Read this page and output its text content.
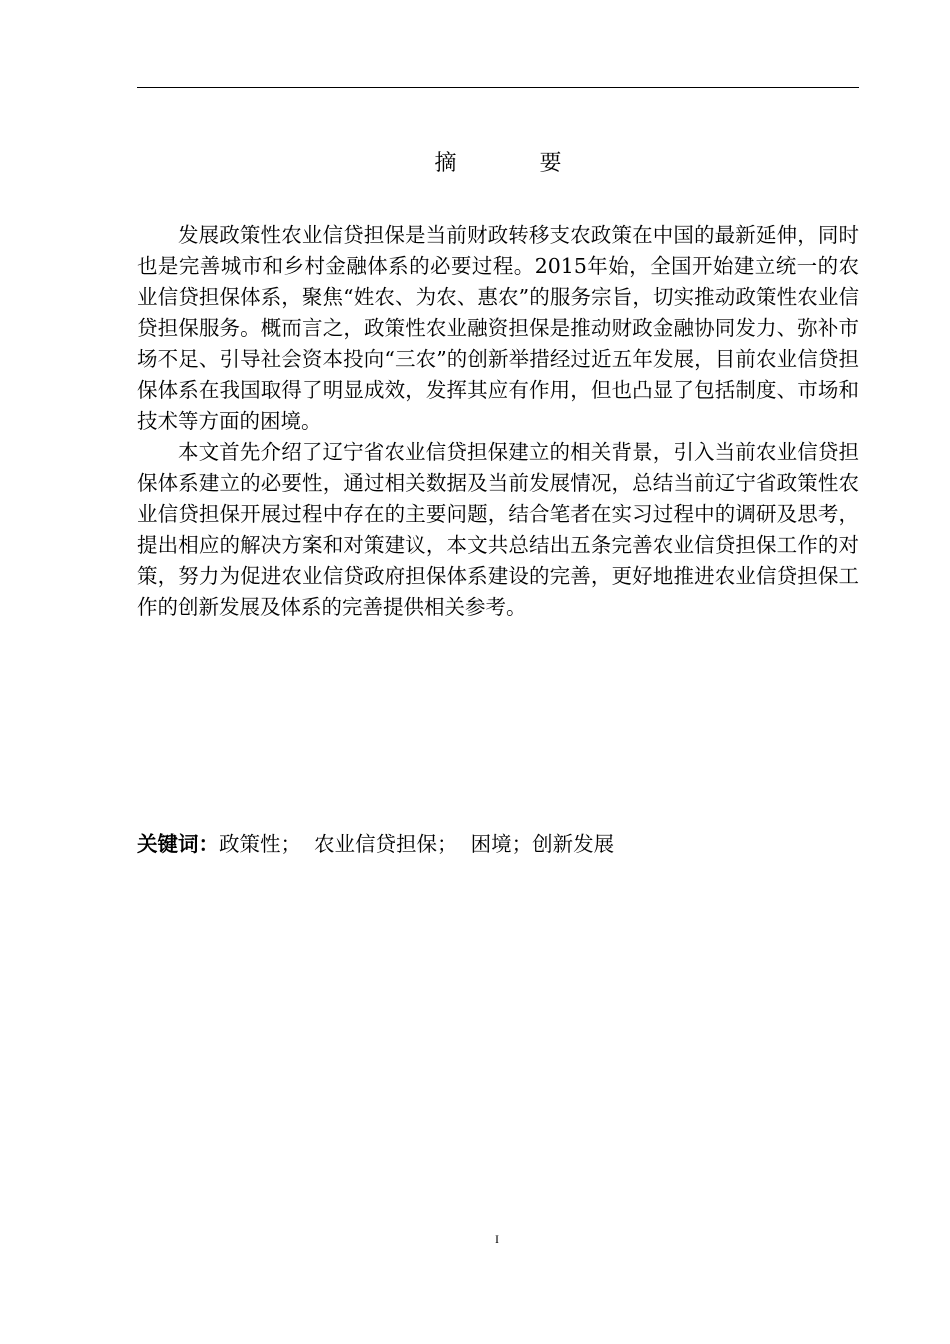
摘 要

发展政策性农业信贷担保是当前财政转移支农政策在中国的最新延伸，同时也是完善城市和乡村金融体系的必要过程。2015年始，全国开始建立统一的农业信贷担保体系，聚焦“姓农、为农、惠农”的服务宗旨，切实推动政策性农业信贷担保服务。概而言之，政策性农业融资担保是推动财政金融协同发力、弥补市场不足、引导社会资本投向“三农”的创新举措经过近五年发展，目前农业信贷担保体系在我国取得了明显成效，发挥其应有作用，但也凸显了包括制度、市场和技术等方面的困境。

本文首先介绍了辽宁省农业信贷担保建立的相关背景，引入当前农业信贷担保体系建立的必要性，通过相关数据及当前发展情况，总结当前辽宁省政策性农业信贷担保开展过程中存在的主要问题，结合笔者在实习过程中的调研及思考，提出相应的解决方案和对策建议，本文共总结出五条完善农业信贷担保工作的对策，努力为促进农业信贷政府担保体系建设的完善，更好地推进农业信贷担保工作的创新发展及体系的完善提供相关参考。

关键词：政策性；  农业信贷担保；  困境；创新发展
I
